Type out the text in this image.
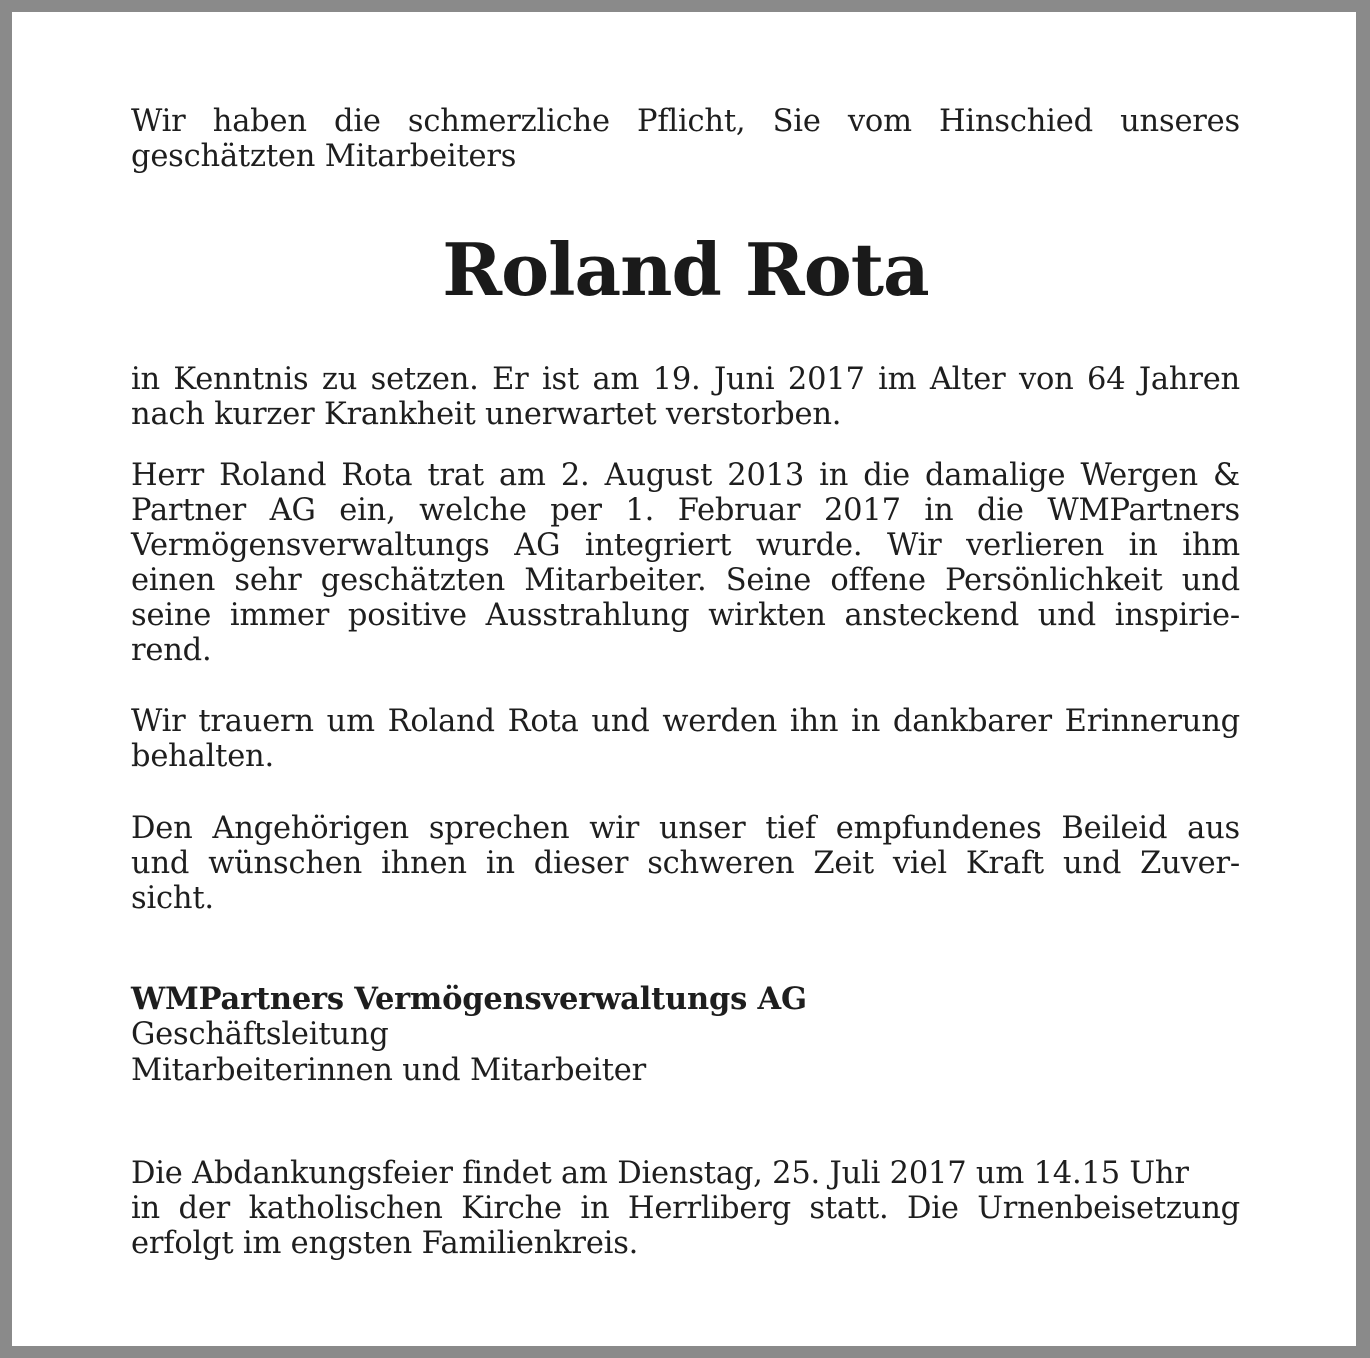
Wir haben die schmerzliche Pflicht, Sie vom Hinschied unseres
geschätzten Mitarbeiters

Roland Rota

in Kenntnis zu setzen. Er ist am 19. Juni 2017 im Alter von 64 Jahren
nach kurzer Krankheit unerwartet verstorben.

Herr Roland Rota trat am 2. August 2013 in die damalige Wergen &
Partner AG ein, welche per 1. Februar 2017 in die WMPartners
Vermögensverwaltungs AG integriert wurde. Wir verlieren in ihm
einen sehr geschätzten Mitarbeiter. Seine offene Persönlichkeit und
seine immer positive Ausstrahlung wirkten ansteckend und inspirie-
rend.

Wir trauern um Roland Rota und werden ihn in dankbarer Erinnerung
behalten.

Den Angehörigen sprechen wir unser tief empfundenes Beileid aus
und wünschen ihnen in dieser schweren Zeit viel Kraft und Zuver-
sicht.

WMPartners Vermögensverwaltungs AG
Geschäftsleitung
Mitarbeiterinnen und Mitarbeiter

Die Abdankungsfeier findet am Dienstag, 25. Juli 2017 um 14.15 Uhr
in der katholischen Kirche in Herrliberg statt. Die Urnenbeisetzung
erfolgt im engsten Familienkreis.
